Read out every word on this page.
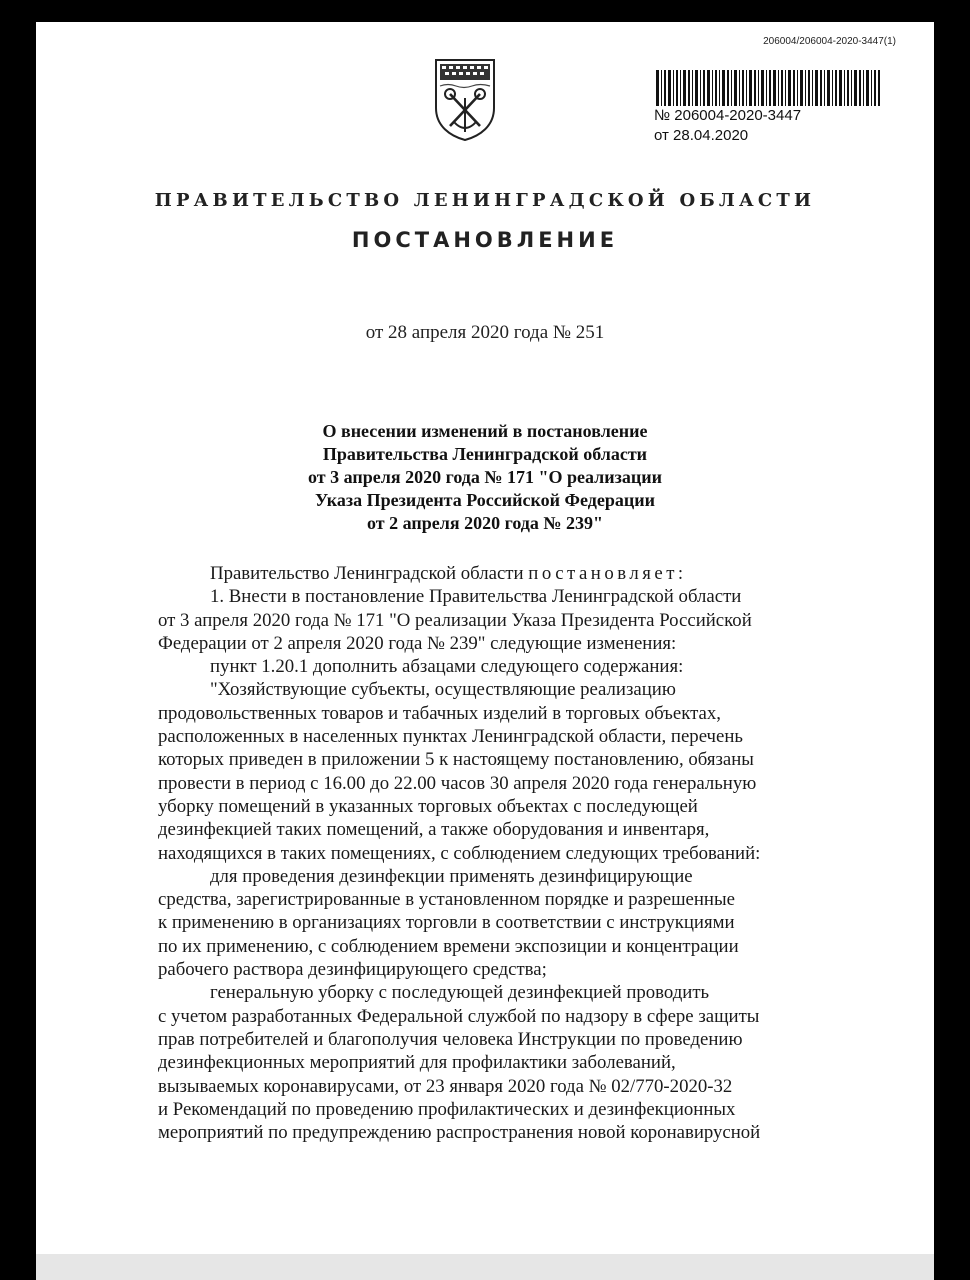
206004/206004-2020-3447(1)
№ 206004-2020-3447
от 28.04.2020
ПРАВИТЕЛЬСТВО ЛЕНИНГРАДСКОЙ ОБЛАСТИ
ПОСТАНОВЛЕНИЕ
от 28 апреля 2020 года № 251
О внесении изменений в постановление
Правительства Ленинградской области
от 3 апреля 2020 года № 171 "О реализации
Указа Президента Российской Федерации
от 2 апреля 2020 года № 239"
Правительство Ленинградской области постановляет:
1. Внести в постановление Правительства Ленинградской области
от 3 апреля 2020 года № 171 "О реализации Указа Президента Российской
Федерации от 2 апреля 2020 года № 239" следующие изменения:
пункт 1.20.1 дополнить абзацами следующего содержания:
"Хозяйствующие субъекты, осуществляющие реализацию
продовольственных товаров и табачных изделий в торговых объектах,
расположенных в населенных пунктах Ленинградской области, перечень
которых приведен в приложении 5 к настоящему постановлению, обязаны
провести в период с 16.00 до 22.00 часов 30 апреля 2020 года генеральную
уборку помещений в указанных торговых объектах с последующей
дезинфекцией таких помещений, а также оборудования и инвентаря,
находящихся в таких помещениях, с соблюдением следующих требований:
для проведения дезинфекции применять дезинфицирующие
средства, зарегистрированные в установленном порядке и разрешенные
к применению в организациях торговли в соответствии с инструкциями
по их применению, с соблюдением времени экспозиции и концентрации
рабочего раствора дезинфицирующего средства;
генеральную уборку с последующей дезинфекцией проводить
с учетом разработанных Федеральной службой по надзору в сфере защиты
прав потребителей и благополучия человека Инструкции по проведению
дезинфекционных мероприятий для профилактики заболеваний,
вызываемых коронавирусами, от 23 января 2020 года № 02/770-2020-32
и Рекомендаций по проведению профилактических и дезинфекционных
мероприятий по предупреждению распространения новой коронавирусной
